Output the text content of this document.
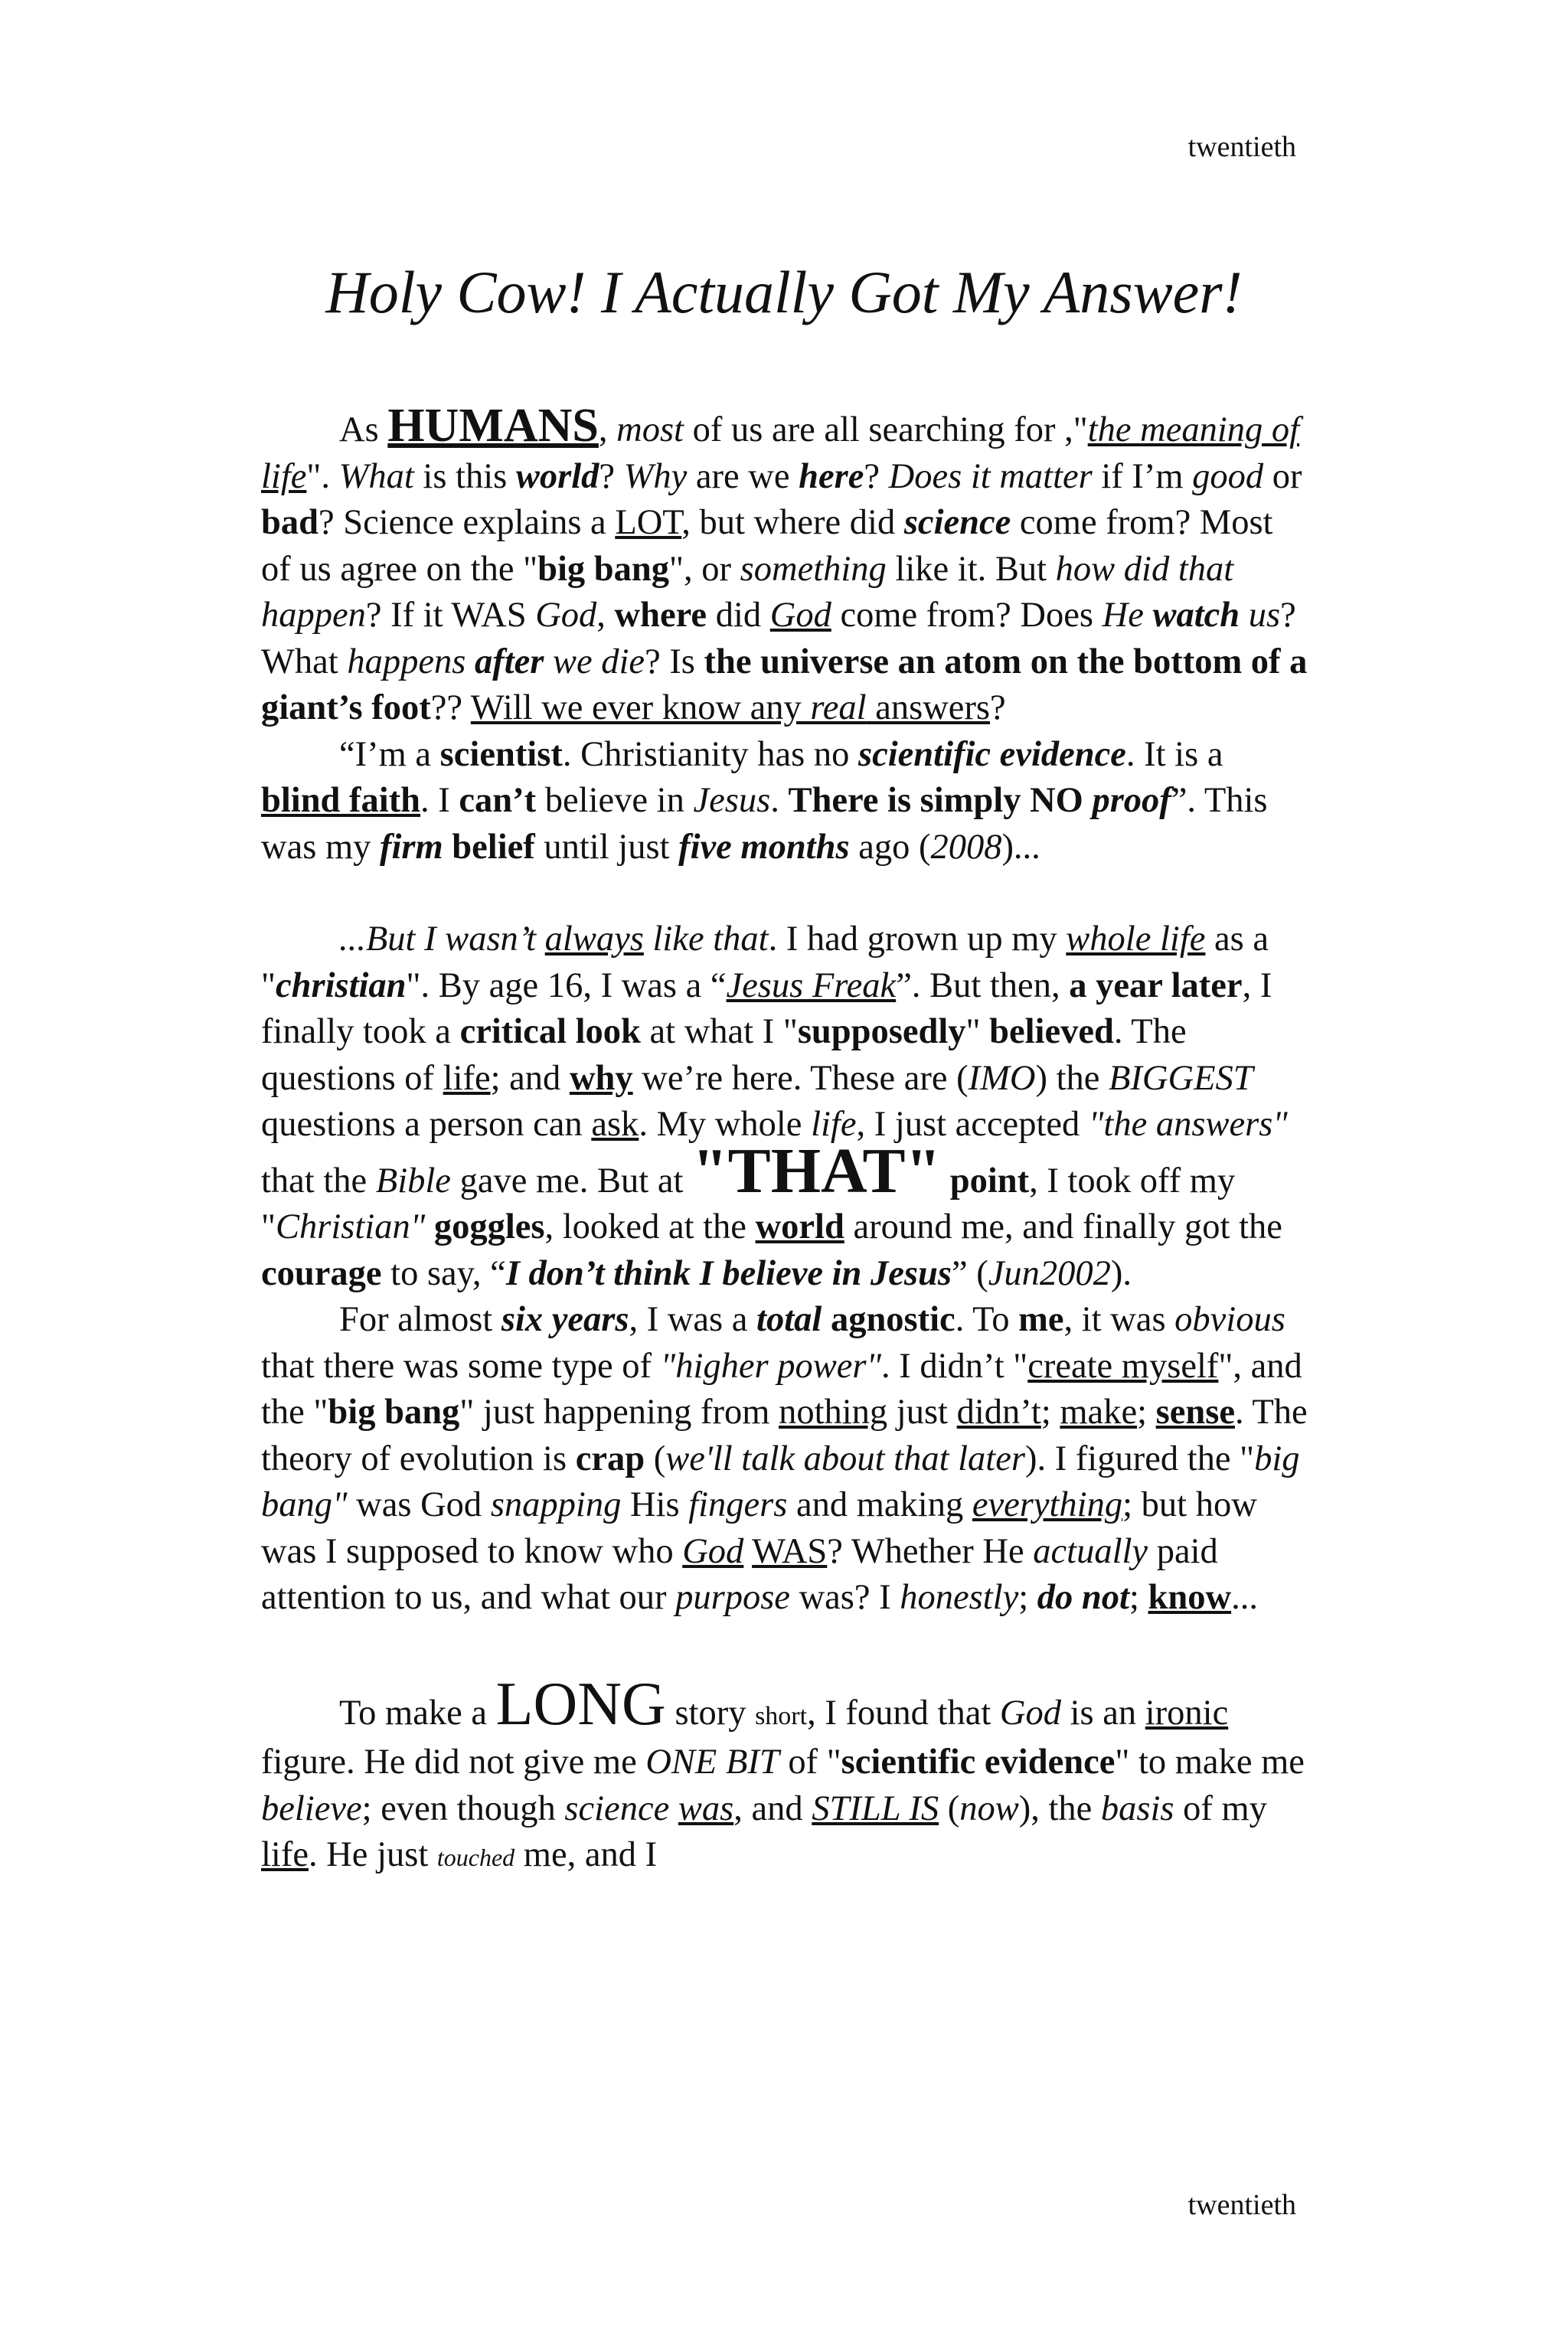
twentieth
Holy Cow! I Actually Got My Answer!

As HUMANS, most of us are all searching for ,"the meaning of life". What is this world? Why are we here? Does it matter if I’m good or bad? Science explains a LOT, but where did science come from? Most of us agree on the "big bang", or something like it. But how did that happen? If it WAS God, where did God come from? Does He watch us? What happens after we die? Is the universe an atom on the bottom of a giant’s foot?? Will we ever know any real answers?

“I’m a scientist. Christianity has no scientific evidence. It is a blind faith. I can’t believe in Jesus. There is simply NO proof”. This was my firm belief until just five months ago (2008)...

...But I wasn’t always like that. I had grown up my whole life as a "christian". By age 16, I was a “Jesus Freak”. But then, a year later, I finally took a critical look at what I "supposedly" believed. The questions of life; and why we’re here. These are (IMO) the BIGGEST questions a person can ask. My whole life, I just accepted "the answers" that the Bible gave me. But at "THAT" point, I took off my "Christian" goggles, looked at the world around me, and finally got the courage to say, “I don’t think I believe in Jesus” (Jun2002).

For almost six years, I was a total agnostic. To me, it was obvious that there was some type of "higher power". I didn’t "create myself", and the "big bang" just happening from nothing just didn’t; make; sense. The theory of evolution is crap (we'll talk about that later). I figured the "big bang" was God snapping His fingers and making everything; but how was I supposed to know who God WAS? Whether He actually paid attention to us, and what our purpose was? I honestly; do not; know...

To make a LONG story short, I found that God is an ironic figure. He did not give me ONE BIT of "scientific evidence" to make me believe; even though science was, and STILL IS (now), the basis of my life. He just touched me, and I

twentieth
